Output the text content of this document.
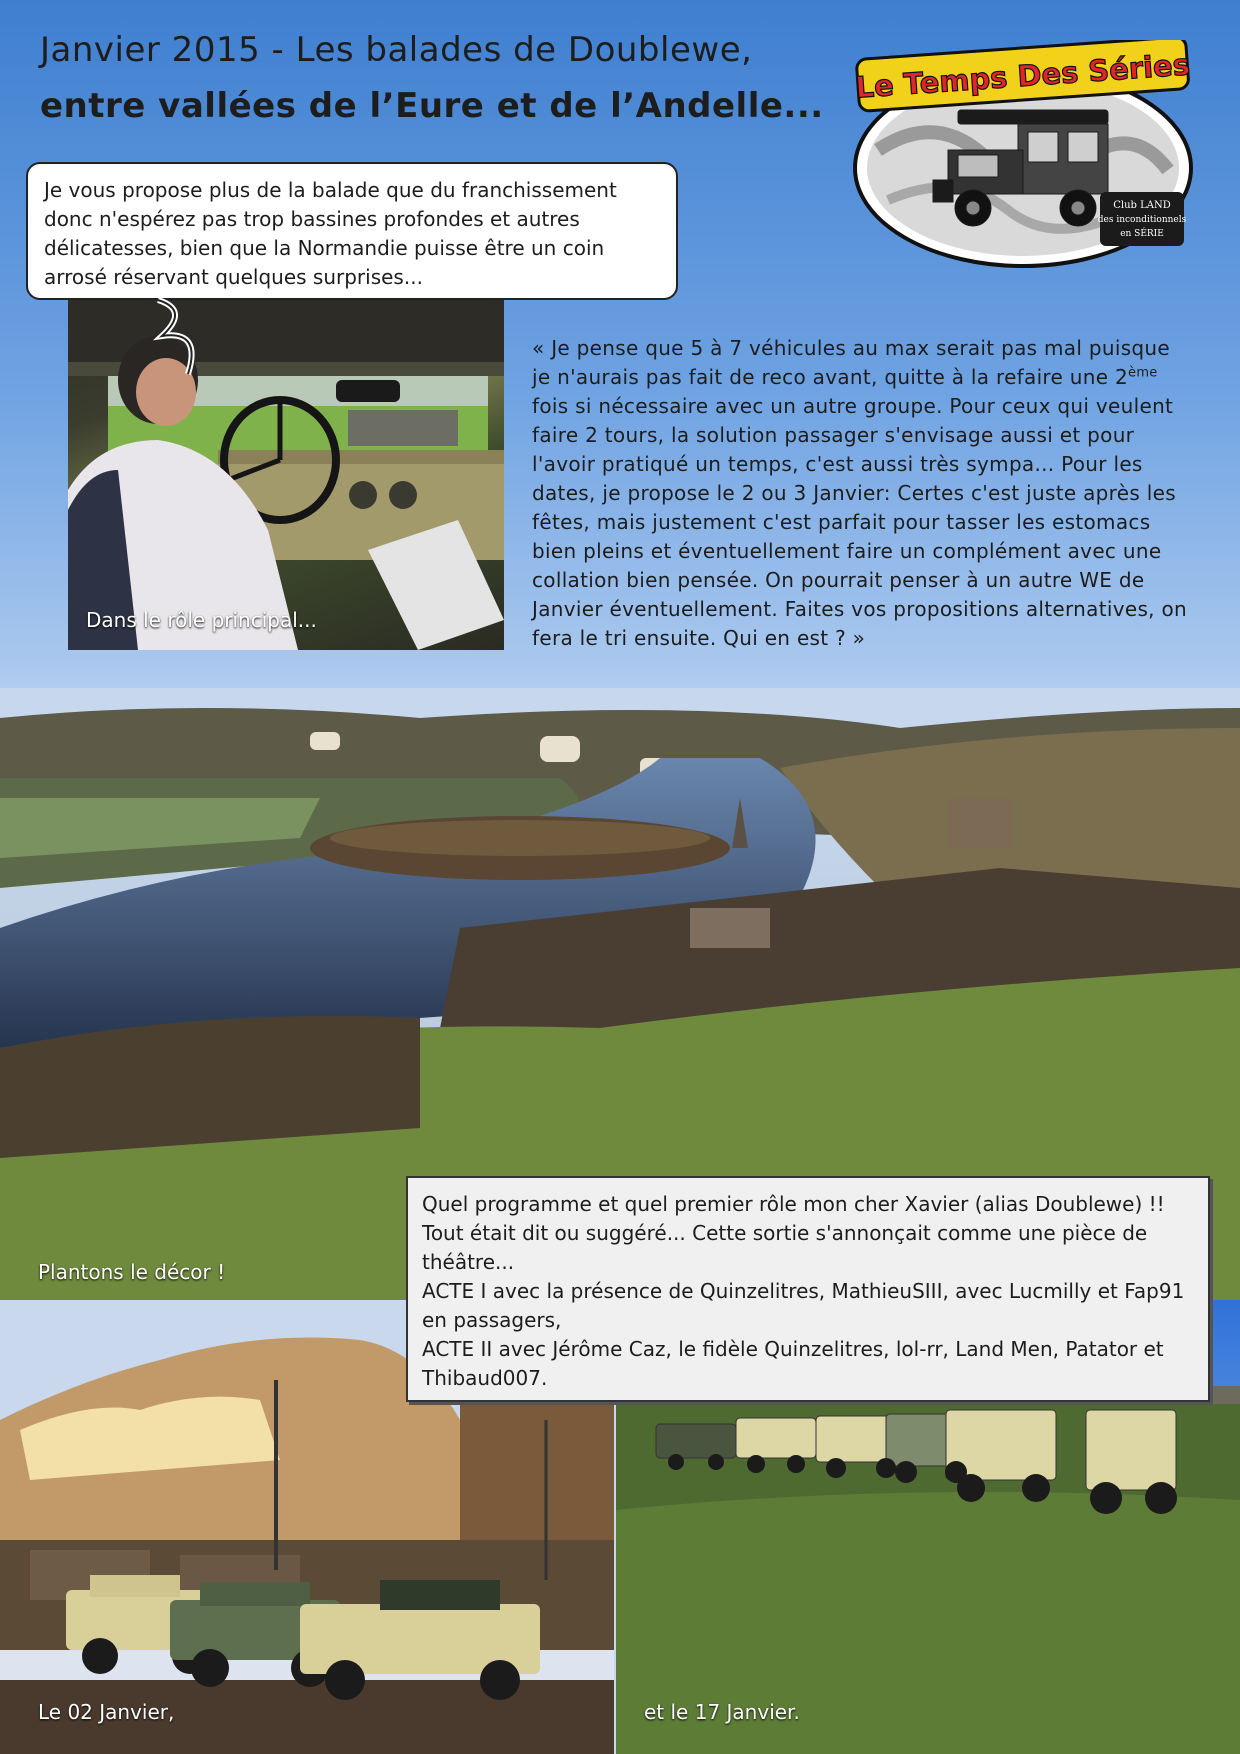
Janvier 2015 - Les balades de Doublewe,
entre vallées de l’Eure et de l’Andelle...
Le Temps Des Séries
Club LAND
des inconditionnels
en SÉRIE
Je vous propose plus de la balade que du franchissement donc n'espérez pas trop bassines profondes et autres délicatesses, bien que la Normandie puisse être un coin arrosé réservant quelques surprises...
Dans le rôle principal...
« Je pense que 5 à 7 véhicules au max serait pas mal puisque je n'aurais pas fait de reco avant, quitte à la refaire une 2ème fois si nécessaire avec un autre groupe. Pour ceux qui veulent faire 2 tours, la solution passager s'envisage aussi et pour l'avoir pratiqué un temps, c'est aussi très sympa... Pour les dates, je propose le 2 ou 3 Janvier: Certes c'est juste après les fêtes, mais justement c'est parfait pour tasser les estomacs bien pleins et éventuellement faire un complément avec une collation bien pensée. On pourrait penser à un autre WE de Janvier éventuellement. Faites vos propositions alternatives, on fera le tri ensuite. Qui en est ? »
Plantons le décor !
Le 02 Janvier,	et le 17 Janvier.
Quel programme et quel premier rôle mon cher Xavier (alias Doublewe) !!
Tout était dit ou suggéré... Cette sortie s'annonçait comme une pièce de théâtre...
ACTE I avec la présence de Quinzelitres, MathieuSIII, avec Lucmilly et Fap91 en passagers,
ACTE II avec Jérôme Caz, le fidèle Quinzelitres, lol-rr, Land Men, Patator et Thibaud007.
